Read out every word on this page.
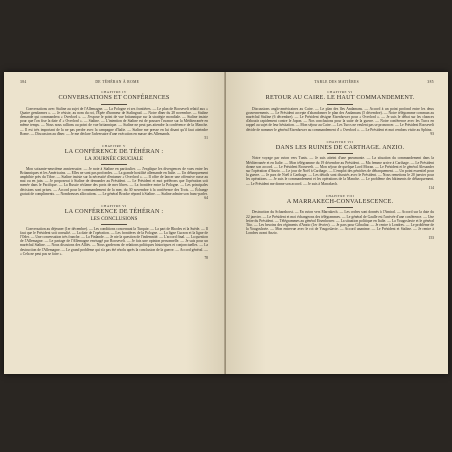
384	DE TÉHÉRAN À ROME
CHAPITRE IV
CONVERSATIONS ET CONFÉRENCES

Conversations avec Staline au sujet de l'Allemagne. — La Pologne et ses frontières. — Le plan de Roosevelt relatif aux « Quatre gendarmes ». — Je résiste, au nom du roi, l'Épée d'honneur de Stalingrad. — Notre dîner du 28 novembre. — Staline demande qui commandera « Overlord ». — J'expose le point de vue britannique sur la stratégie mondiale. — Staline insiste pour que l'on fixe la date d' « Overlord ». — Staline. — L'intention de Staline est de pousser l'avance sur la Méditerranée en même temps. — Nous nous rallions au point de vue britannique. — Staline ne peut pas attendre la conférence de la Manche. — Il est très important de la ne pas perdre avec la campagne d'Italie. — Staline me presse en lui disant qu'il faut atteindre Rome. — Discussion au dîner. — Je me déclare l'adversaire d'une exécution en masse des Allemands.

51
CHAPITRE V
LA CONFÉRENCE DE TÉHÉRAN :
LA JOURNÉE CRUCIALE

Mon soixante-neuvième anniversaire. — Je note à Staline en particulier. — J'explique les divergences de vues entre les Britanniques et les Américains. — Elles ne sont pas profondes. — La grande hostilité allemande en Italie. — Un débarquement amphibie près du Tibre. — Staline insiste sur la nécessité d'entamer « Overlord ». — Il offre de lancer une offensive russe au mai ou en juin. — Je proposerai à Staline de demander au Président. — Le Président et moi préférons que l'opération soit menée dans le Pacifique. — La Russie réclame des ports de mer libres. — La frontière entre la Pologne. — Les principales décisions sont prises. — Accord pour le commandement de la mer, du 30 novembre à la conférence des Trois. — Échange gratuit de compliments. — Nombreuses allocutions. — Le général Brooke répond à Staline. — Staline admire son franc-parler.

64
CHAPITRE VI
LA CONFÉRENCE DE TÉHÉRAN :
LES CONCLUSIONS

Conversation au déjeuner (1er décembre). — Les conditions concernant la Turquie. — La part de Rhodes et la Suède. — Il faut que le Président soit consulté. — La date de l'opération. — Les frontières de la Pologne. — La ligne Curzon et la ligne de l'Oder. — Une conversation très franche. — La Finlande. — Je nie la question de l'indemnité. — L'accord final. — La question de l'Allemagne. — Le partage de l'Allemagne envisagé par Roosevelt. — Je fais une opinion personnelle. — Je suis pour un maréchal Staline. — Nous discutons des Alliés. — Nous garderons de relations politiques historiques et conjonctuelles. — La destruction de l'Allemagne. — Le grand problème qui n'a pas été résolu après la conclusion de la guerre. — Accord général. — « Cela ne peut pas se faire ».

78
TABLE DES MATIÈRES	385
CHAPITRE VI
RETOUR AU CAIRE. LE HAUT COMMANDEMENT.

Discussions anglo-américaines au Caire. — Le plan des îles Andamans. — Accord à un point profond entre les deux gouvernements. — Le Président accepte d'abandonner le plan des Andamans (5 décembre). — Notre télégramme commun au maréchal Staline (6 décembre). — Le Président désigne Eisenhower pour « Overlord ». — Je suis le débat sur les chances d'aboutir rapidement contre le Japon. — Nos conclusions pour la suite de la guerre. — Notre conférence avec les Turcs en rappel au sujet de leur hésitation. — Mon séjour au Caire. — Les Turcs ne veulent pas se prononcer. — Le Président Roosevelt décide de nommer le général Eisenhower au commandement d' « Overlord ». — Le Président et moi rendons visite au Sphinx.

93
CHAPITRE VII
DANS LES RUINES DE CARTHAGE. ANZIO.

Notre voyage par avion vers Tunis. — Je suis atteint d'une pneumonie. — La situation du commandement dans la Méditerranée et en Italie. — Mon télégramme du 19 décembre au Président. — Ma femme arrive à Carthage. — Le Président donne son accord. — Le Président Roosevelt. — Mon séjour de quelque Lord Moran. — Le Président et le général Alexander sur l'opération d'Anzio. — Le jour de Noël à Carthage. — L'emploi des péniches de débarquement. — Un point essentiel pour la guerre. — Je pars de Noël à Carthage. — Les détails sont discutés avec le Président. — Nous remettons le 20 janvier pour les opérations. — Je suis le commandement et les opérations de la Manche. — Le problème des bâtiments de débarquement. — Le Président me donne son accord. — Je suis à Marrakech.

114
CHAPITRE VIII
A MARRAKECH-CONVALESCENCE.

Destruction du Scharnhorst. — En avion vers Marrakech. — Les ordres sont donnés à l'Amiral. — Accord sur la date du 22 janvier. — Le Président et moi échangeons des télégrammes. — Le général de Gaulle est l'arrivée d'une conférence. — Une lettre du Président. — Télégrammes au général Eisenhower. — La situation politique en Italie. — La Yougoslavie et le général Tito. — Les besoins des régiments d'Anzio (1er février). — Je pars pour Gibraltar. — Je rentre à Londres. — Le problème de la Yougoslavie. — Mon entrevue avec le roi de Yougoslavie. — Accord unanime. — Le Président et Staline. — Je rentre à Londres avant Anzio.

153
